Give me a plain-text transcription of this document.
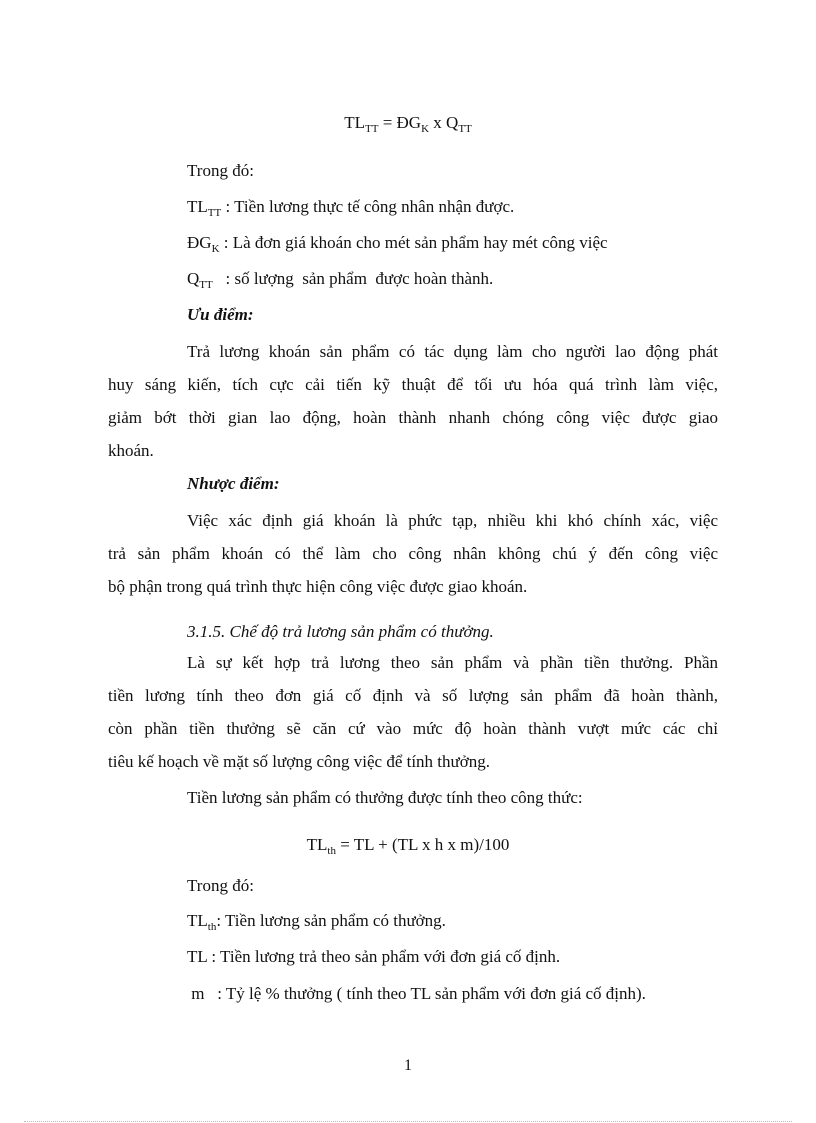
$TL_{TT}$ = $ĐG_K$ x $Q_{TT}$
Trong đó:
$TL_{TT}$ : Tiền lương thực tế công nhân nhận được.
$ĐG_K$ : Là đơn giá khoán cho mét sản phẩm hay mét công việc
$Q_{TT}$   : số lượng  sản phẩm  được hoàn thành.
Ưu điểm:
Trả lương khoán sản phẩm có tác dụng làm cho người lao động phát
huy sáng kiến, tích cực cải tiến kỹ thuật để tối ưu hóa quá trình làm việc,
giảm bớt thời gian lao động, hoàn thành nhanh chóng công việc được giao
khoán.
Nhược điểm:
Việc xác định giá khoán là phức tạp, nhiều khi khó chính xác, việc
trả sản phẩm khoán có thể làm cho công nhân không chú ý đến công việc
bộ phận trong quá trình thực hiện công việc được giao khoán.
3.1.5. Chế độ trả lương sản phẩm có thưởng.
Là sự kết hợp trả lương theo sản phẩm và phần tiền thưởng. Phần
tiền lương tính theo đơn giá cố định và số lượng sản phẩm đã hoàn thành,
còn phần tiền thưởng sẽ căn cứ vào mức độ hoàn thành vượt mức các chỉ
tiêu kế hoạch về mặt số lượng công việc để tính thưởng.
Tiền lương sản phẩm có thưởng được tính theo công thức:
$TL_{th}$ = TL + (TL x h x m)/100
Trong đó:
$TL_{th}$: Tiền lương sản phẩm có thưởng.
TL : Tiền lương trả theo sản phẩm với đơn giá cố định.
m   : Tỷ lệ % thưởng ( tính theo TL sản phẩm với đơn giá cố định).
1
